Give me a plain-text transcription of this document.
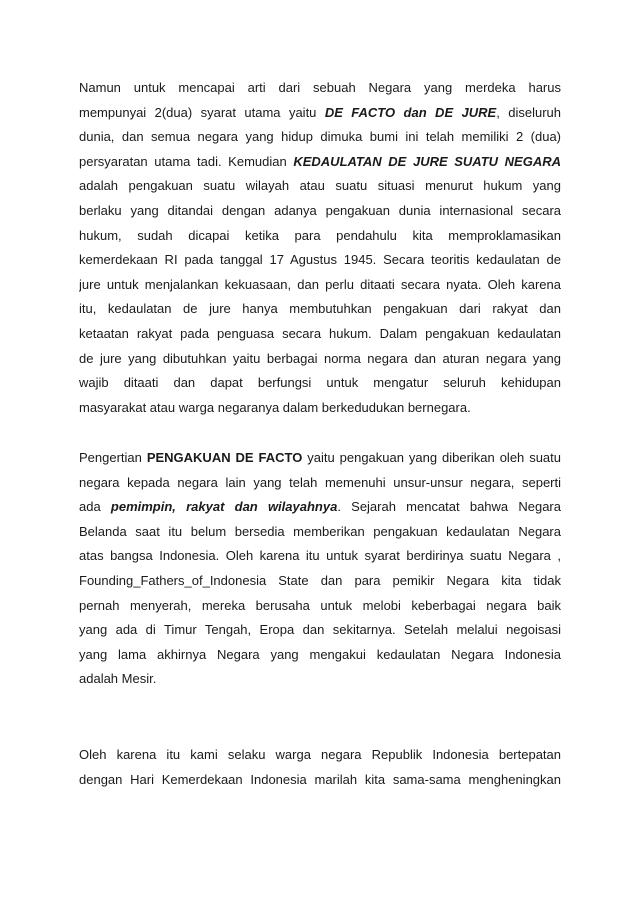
Namun untuk mencapai arti dari sebuah Negara yang merdeka harus
mempunyai 2(dua) syarat utama yaitu DE FACTO dan DE JURE, diseluruh
dunia, dan semua negara yang hidup dimuka bumi ini telah memiliki 2 (dua)
persyaratan utama tadi. Kemudian KEDAULATAN DE JURE SUATU NEGARA
adalah pengakuan suatu wilayah atau suatu situasi menurut hukum yang
berlaku yang ditandai dengan adanya pengakuan dunia internasional secara
hukum, sudah dicapai ketika para pendahulu kita memproklamasikan
kemerdekaan RI pada tanggal 17 Agustus 1945. Secara teoritis kedaulatan de
jure untuk menjalankan kekuasaan, dan perlu ditaati secara nyata. Oleh karena
itu, kedaulatan de jure hanya membutuhkan pengakuan dari rakyat dan
ketaatan rakyat pada penguasa secara hukum. Dalam pengakuan kedaulatan
de jure yang dibutuhkan yaitu berbagai norma negara dan aturan negara yang
wajib ditaati dan dapat berfungsi untuk mengatur seluruh kehidupan
masyarakat atau warga negaranya dalam berkedudukan bernegara.
Pengertian PENGAKUAN DE FACTO yaitu pengakuan yang diberikan oleh suatu
negara kepada negara lain yang telah memenuhi unsur-unsur negara, seperti
ada pemimpin, rakyat dan wilayahnya. Sejarah mencatat bahwa Negara
Belanda saat itu belum bersedia memberikan pengakuan kedaulatan Negara
atas bangsa Indonesia. Oleh karena itu untuk syarat berdirinya suatu Negara ,
Founding_Fathers_of_Indonesia State dan para pemikir Negara kita tidak
pernah menyerah, mereka berusaha untuk melobi keberbagai negara baik
yang ada di Timur Tengah, Eropa dan sekitarnya. Setelah melalui negoisasi
yang lama akhirnya Negara yang mengakui kedaulatan Negara Indonesia
adalah Mesir.
Oleh karena itu kami selaku warga negara Republik Indonesia bertepatan
dengan Hari Kemerdekaan Indonesia marilah kita sama-sama mengheningkan
